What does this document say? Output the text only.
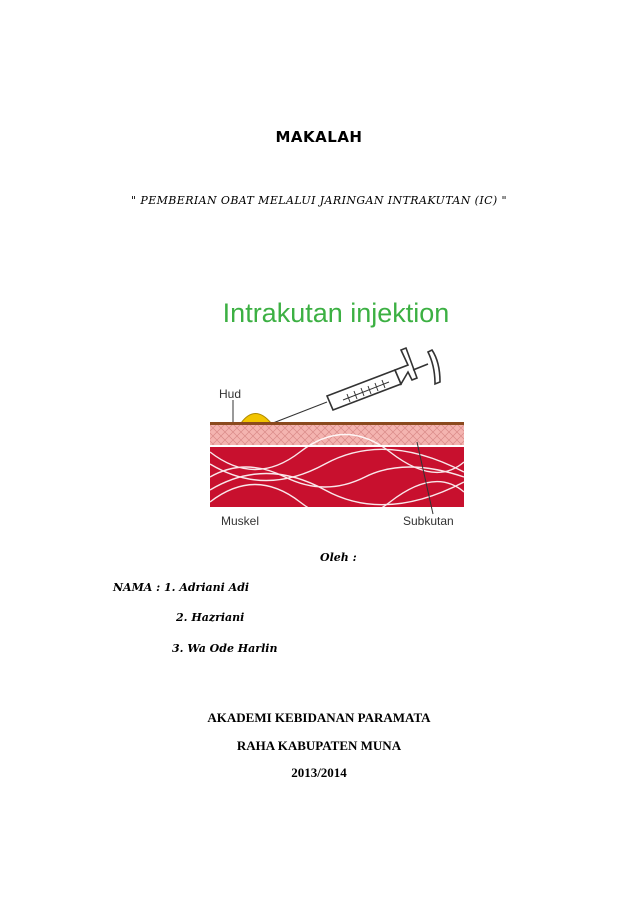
MAKALAH
" PEMBERIAN OBAT MELALUI JARINGAN INTRAKUTAN (IC) "
Intrakutan injektion
Hud
Muskel	Subkutan
Oleh :
NAMA : 1. Adriani Adi
2. Hazriani
3. Wa Ode Harlin
AKADEMI KEBIDANAN PARAMATA
RAHA KABUPATEN MUNA
2013/2014
